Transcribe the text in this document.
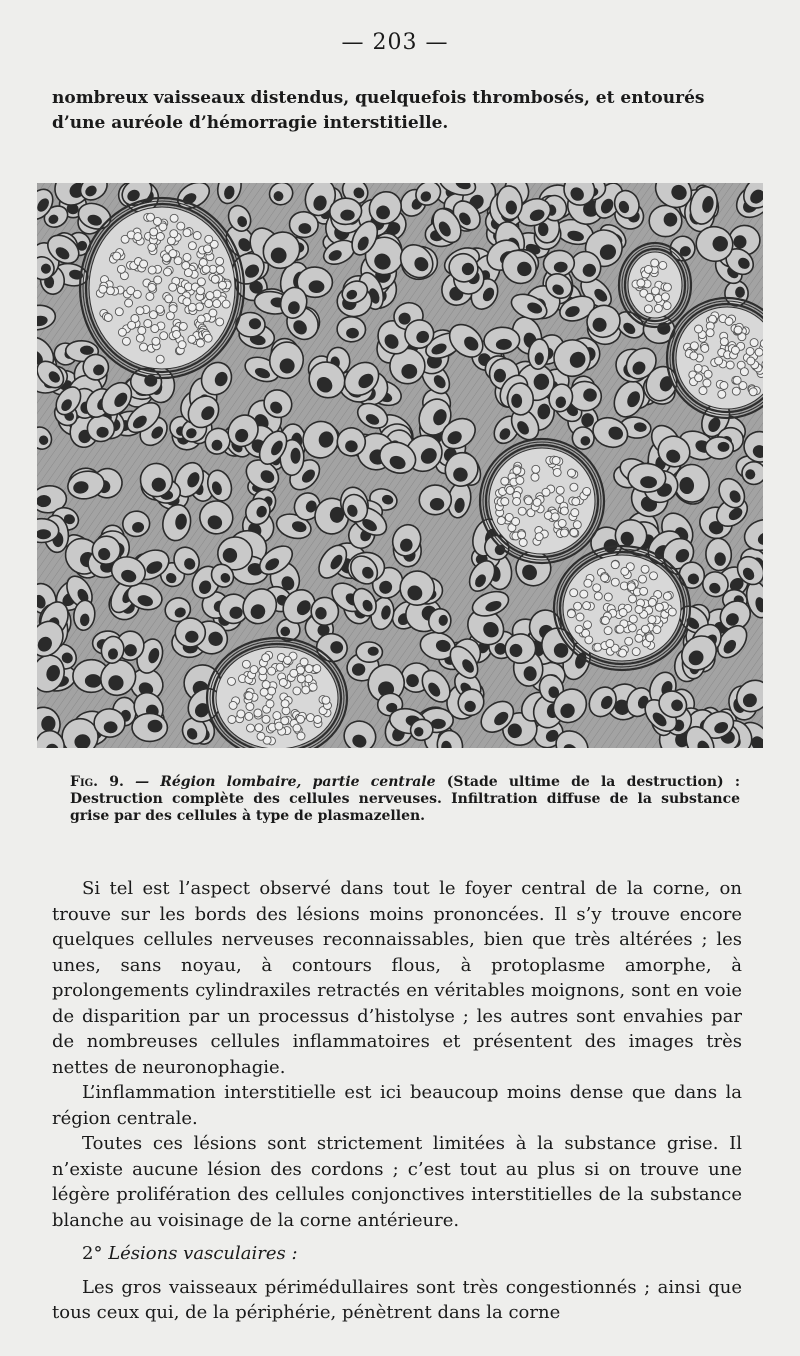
— 203 —

nombreux vaisseaux distendus, quelquefois thrombosés, et entourés

d’une auréole d’hémorragie interstitielle.

Fig. 9. — Région lombaire, partie centrale (Stade ultime de la destruction) : Destruction complète des cellules nerveuses. Infiltration diffuse de la substance grise par des cellules à type de plasmazellen.

Si tel est l’aspect observé dans tout le foyer central de la corne, on trouve sur les bords des lésions moins prononcées. Il s’y trouve encore quelques cellules nerveuses reconnaissables, bien que très altérées ; les unes, sans noyau, à contours flous, à protoplasme amorphe, à prolongements cylindraxiles retractés en véritables moignons, sont en voie de disparition par un processus d’histolyse ; les autres sont envahies par de nombreuses cellules inflammatoires et présentent des images très nettes de neuronophagie.

L’inflammation interstitielle est ici beaucoup moins dense que dans la région centrale.

Toutes ces lésions sont strictement limitées à la substance grise. Il n’existe aucune lésion des cordons ; c’est tout au plus si on trouve une légère prolifération des cellules conjonctives interstitielles de la substance blanche au voisinage de la corne antérieure.

2° Lésions vasculaires :

Les gros vaisseaux périmédullaires sont très congestionnés ; ainsi que tous ceux qui, de la périphérie, pénètrent dans la corne
